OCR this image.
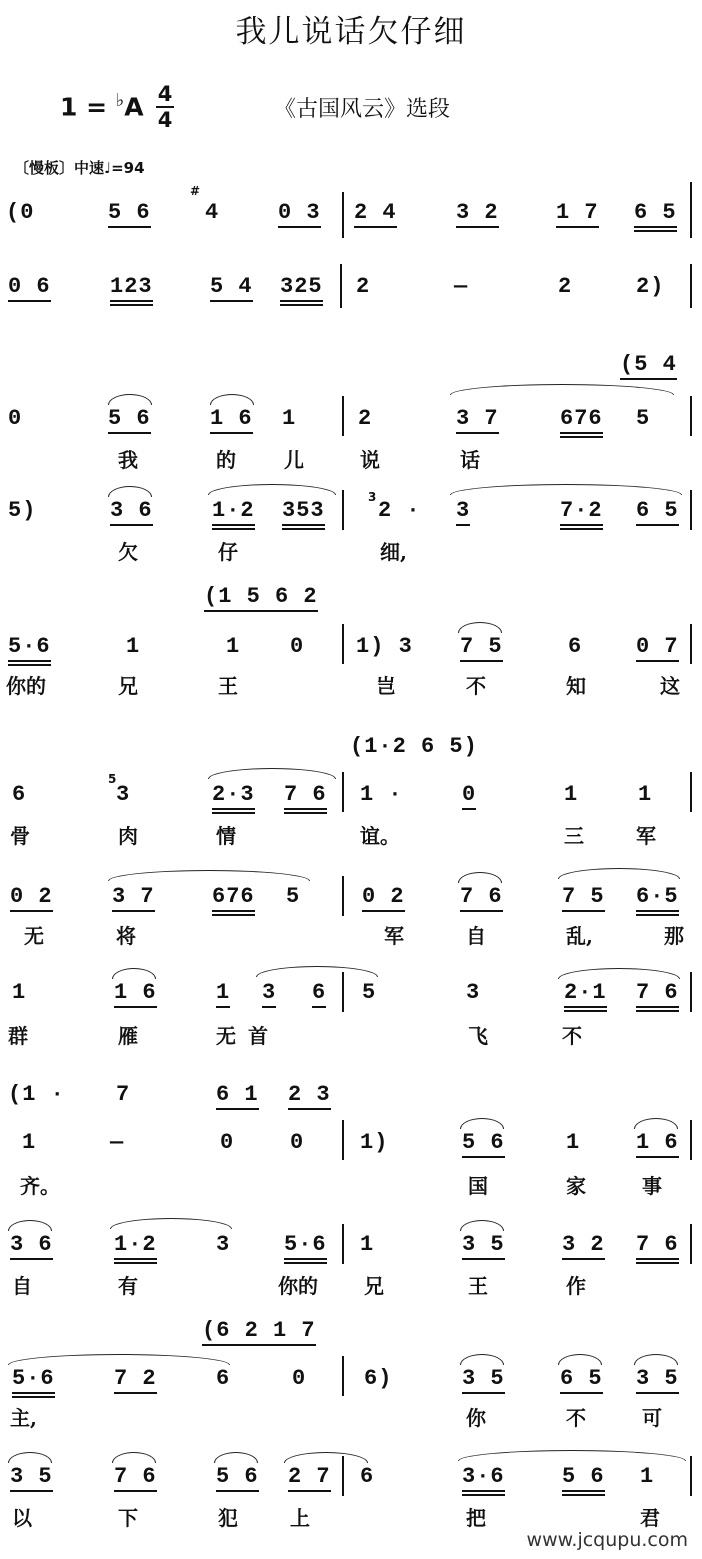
我儿说话欠仔细
$1 = ^♭A \frac{4}{4}$	《古国风云》选段
〔慢板〕中速♩=94
(0	5 6
#
4	0 3 2 4	3 2	1 7 6 5
0 6	123	5 4 325 2	—	2	2)
(5 4
0	5 6	1 6 1	2	3 7	676 5
我	的 儿	说	话
5)	3 6	1·2 353
3
2 · 3	7·2 6 5
欠	仔	细,
(1 5 6 2
5·6	1	1 0 1) 3 7 5	6 0 7
你的	兄	王	岂	不	知	这
(1·2 6 5)
6
5
3	2·3 7 6 1 ·	0	1	1
骨	肉	情	谊。	三	军
0 2	3 7	676 5	0 2	7 6	7 5 6·5
无	将	军	自	乱,	那
1	1 6	1 3 6 5	3	2·1 7 6
群	雁	无 首	飞	不
(1 · 7	6 1 2 3
1	—	0	0	1)	5 6	1	1 6
齐。	国	家	事
3 6	1·2	3 5·6 1	3 5	3 2 7 6
自	有	你的 兄	王	作
(6 2 1 7
5·6	7 2	6	0	6)	3 5	6 5 3 5
主,	你	不	可
3 5	7 6	5 6 2 7 6	3·6	5 6 1
以	下	犯	上	把	君
www.jcqupu.com
